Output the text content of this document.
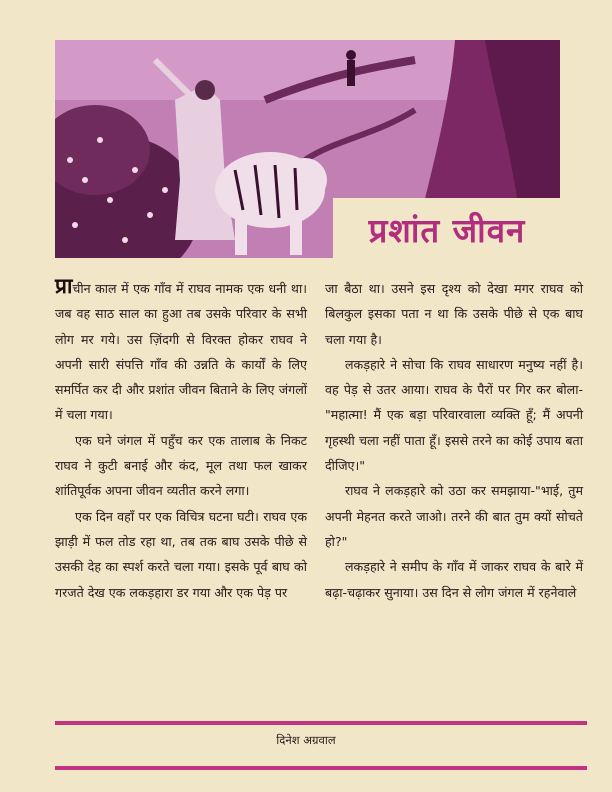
प्रशांत जीवन

प्राचीन काल में एक गाँव में राघव नामक एक धनी था। जब वह साठ साल का हुआ तब उसके परिवार के सभी लोग मर गये। उस ज़िंदगी से विरक्त होकर राघव ने अपनी सारी संपत्ति गाँव की उन्नति के कार्यों के लिए समर्पित कर दी और प्रशांत जीवन बिताने के लिए जंगलों में चला गया।

एक घने जंगल में पहुँच कर एक तालाब के निकट राघव ने कुटी बनाई और कंद, मूल तथा फल खाकर शांतिपूर्वक अपना जीवन व्यतीत करने लगा।

एक दिन वहाँ पर एक विचित्र घटना घटी। राघव एक झाड़ी में फल तोड रहा था, तब तक बाघ उसके पीछे से उसकी देह का स्पर्श करते चला गया। इसके पूर्व बाघ को गरजते देख एक लकड़हारा डर गया और एक पेड़ पर

जा बैठा था। उसने इस दृश्य को देखा मगर राघव को बिलकुल इसका पता न था कि उसके पीछे से एक बाघ चला गया है।

लकड़हारे ने सोचा कि राघव साधारण मनुष्य नहीं है। वह पेड़ से उतर आया। राघव के पैरों पर गिर कर बोला- "महात्मा! मैं एक बड़ा परिवारवाला व्यक्ति हूँ; मैं अपनी गृहस्थी चला नहीं पाता हूँ। इससे तरने का कोई उपाय बता दीजिए।"

राघव ने लकड़हारे को उठा कर समझाया-"भाई, तुम अपनी मेहनत करते जाओ। तरने की बात तुम क्यों सोचते हो?"

लकड़हारे ने समीप के गाँव में जाकर राघव के बारे में बढ़ा-चढ़ाकर सुनाया। उस दिन से लोग जंगल में रहनेवाले

दिनेश अग्रवाल
